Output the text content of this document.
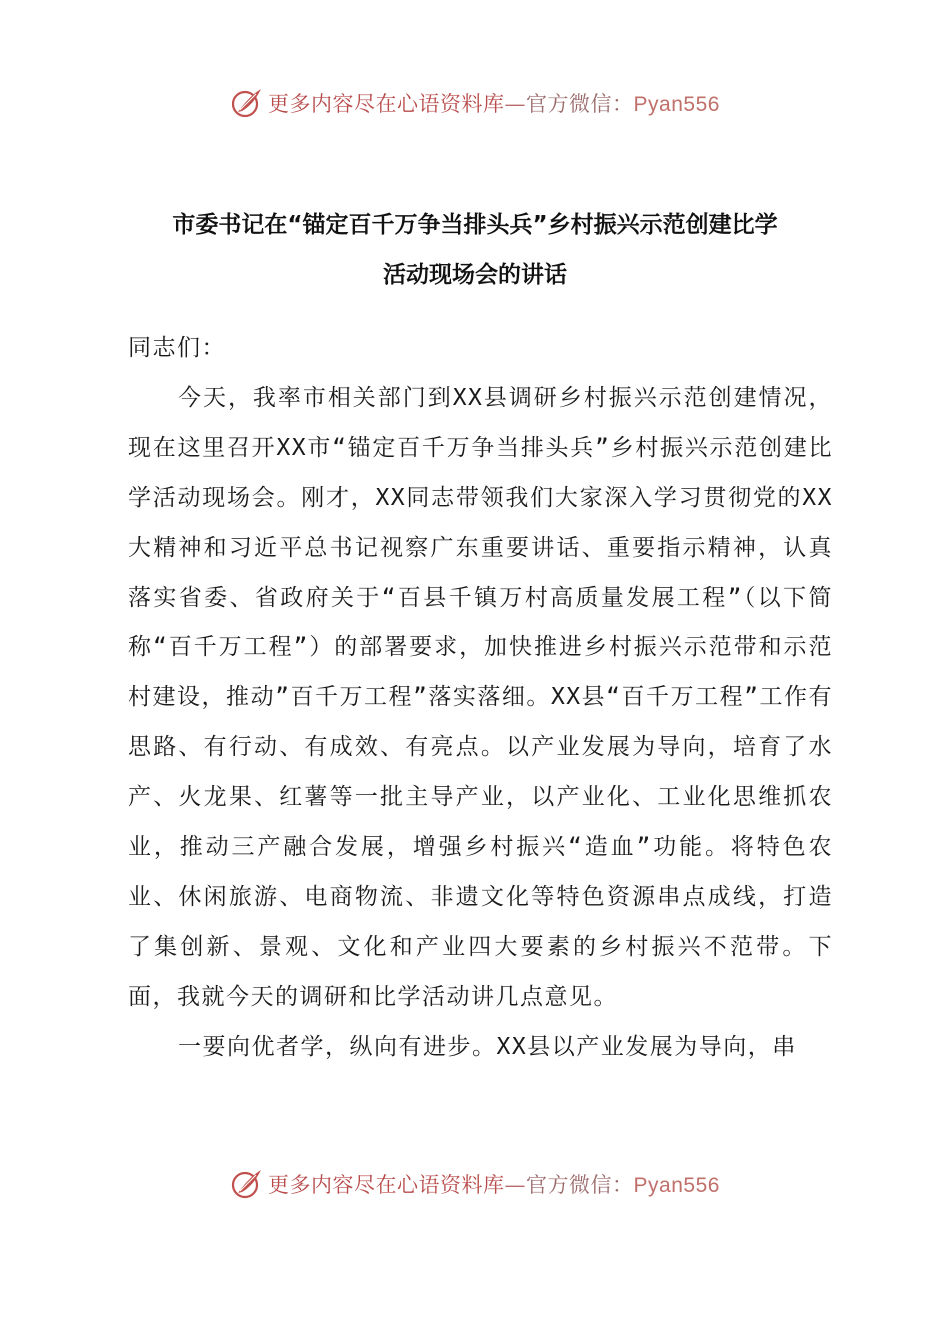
更多内容尽在心语资料库—官方微信：Pyan556
市委书记在“锚定百千万争当排头兵”乡村振兴示范创建比学
活动现场会的讲话

同志们：

今天，我率市相关部门到XX县调研乡村振兴示范创建情况，现在这里召开XX市“锚定百千万争当排头兵”乡村振兴示范创建比学活动现场会。刚才，XX同志带领我们大家深入学习贯彻党的XX大精神和习近平总书记视察广东重要讲话、重要指示精神，认真落实省委、省政府关于“百县千镇万村高质量发展工程”（以下简称“百千万工程”）的部署要求，加快推进乡村振兴示范带和示范村建设，推动”百千万工程”落实落细。XX县“百千万工程”工作有思路、有行动、有成效、有亮点。以产业发展为导向，培育了水产、火龙果、红薯等一批主导产业，以产业化、工业化思维抓农业，推动三产融合发展，增强乡村振兴“造血”功能。将特色农业、休闲旅游、电商物流、非遗文化等特色资源串点成线，打造了集创新、景观、文化和产业四大要素的乡村振兴不范带。下面，我就今天的调研和比学活动讲几点意见。

一要向优者学，纵向有进步。XX县以产业发展为导向，串

更多内容尽在心语资料库—官方微信：Pyan556
